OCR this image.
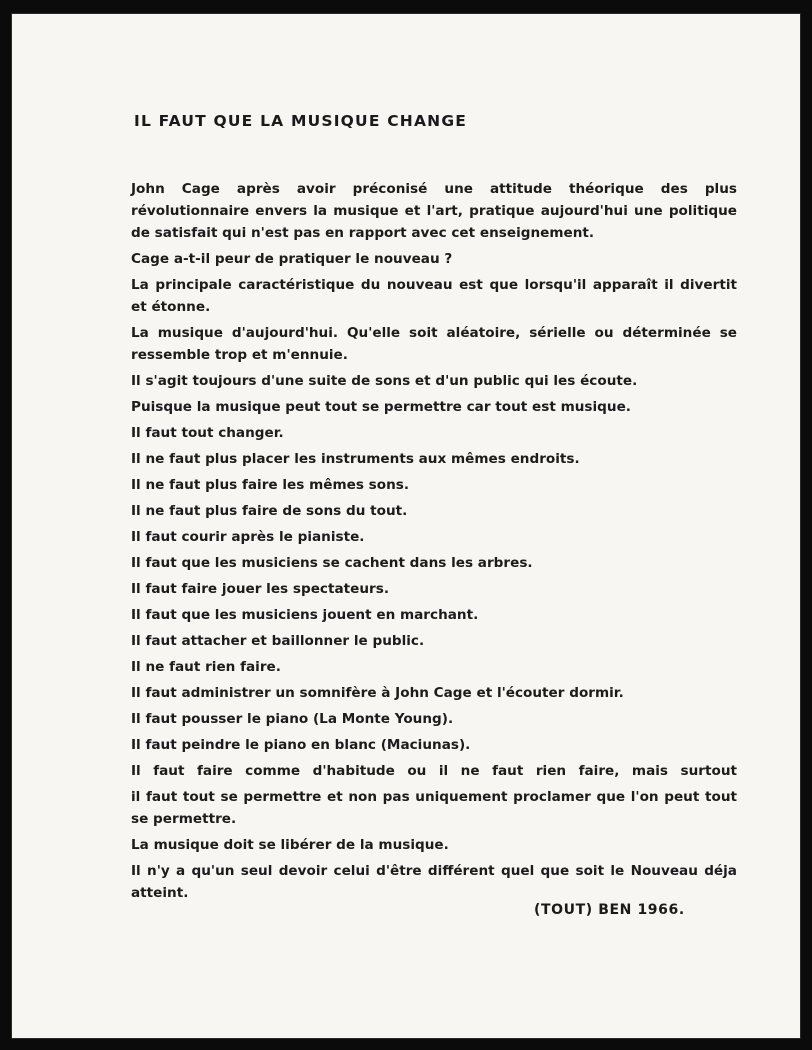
IL FAUT QUE LA MUSIQUE CHANGE

John Cage après avoir préconisé une attitude théorique des plus révolutionnaire envers la musique et l'art, pratique aujourd'hui une politique de satisfait qui n'est pas en rapport avec cet enseignement.

Cage a-t-il peur de pratiquer le nouveau ?

La principale caractéristique du nouveau est que lorsqu'il apparaît il divertit et étonne.

La musique d'aujourd'hui. Qu'elle soit aléatoire, sérielle ou déterminée se ressemble trop et m'ennuie.

Il s'agit toujours d'une suite de sons et d'un public qui les écoute.

Puisque la musique peut tout se permettre car tout est musique.

Il faut tout changer.

Il ne faut plus placer les instruments aux mêmes endroits.

Il ne faut plus faire les mêmes sons.

Il ne faut plus faire de sons du tout.

Il faut courir après le pianiste.

Il faut que les musiciens se cachent dans les arbres.

Il faut faire jouer les spectateurs.

Il faut que les musiciens jouent en marchant.

Il faut attacher et baillonner le public.

Il ne faut rien faire.

Il faut administrer un somnifère à John Cage et l'écouter dormir.

Il faut pousser le piano (La Monte Young).

Il faut peindre le piano en blanc (Maciunas).

Il faut faire comme d'habitude ou il ne faut rien faire, mais surtout

il faut tout se permettre et non pas uniquement proclamer que l'on peut tout se permettre.

La musique doit se libérer de la musique.

Il n'y a qu'un seul devoir celui d'être différent quel que soit le Nouveau déja atteint.

(TOUT) BEN 1966.
